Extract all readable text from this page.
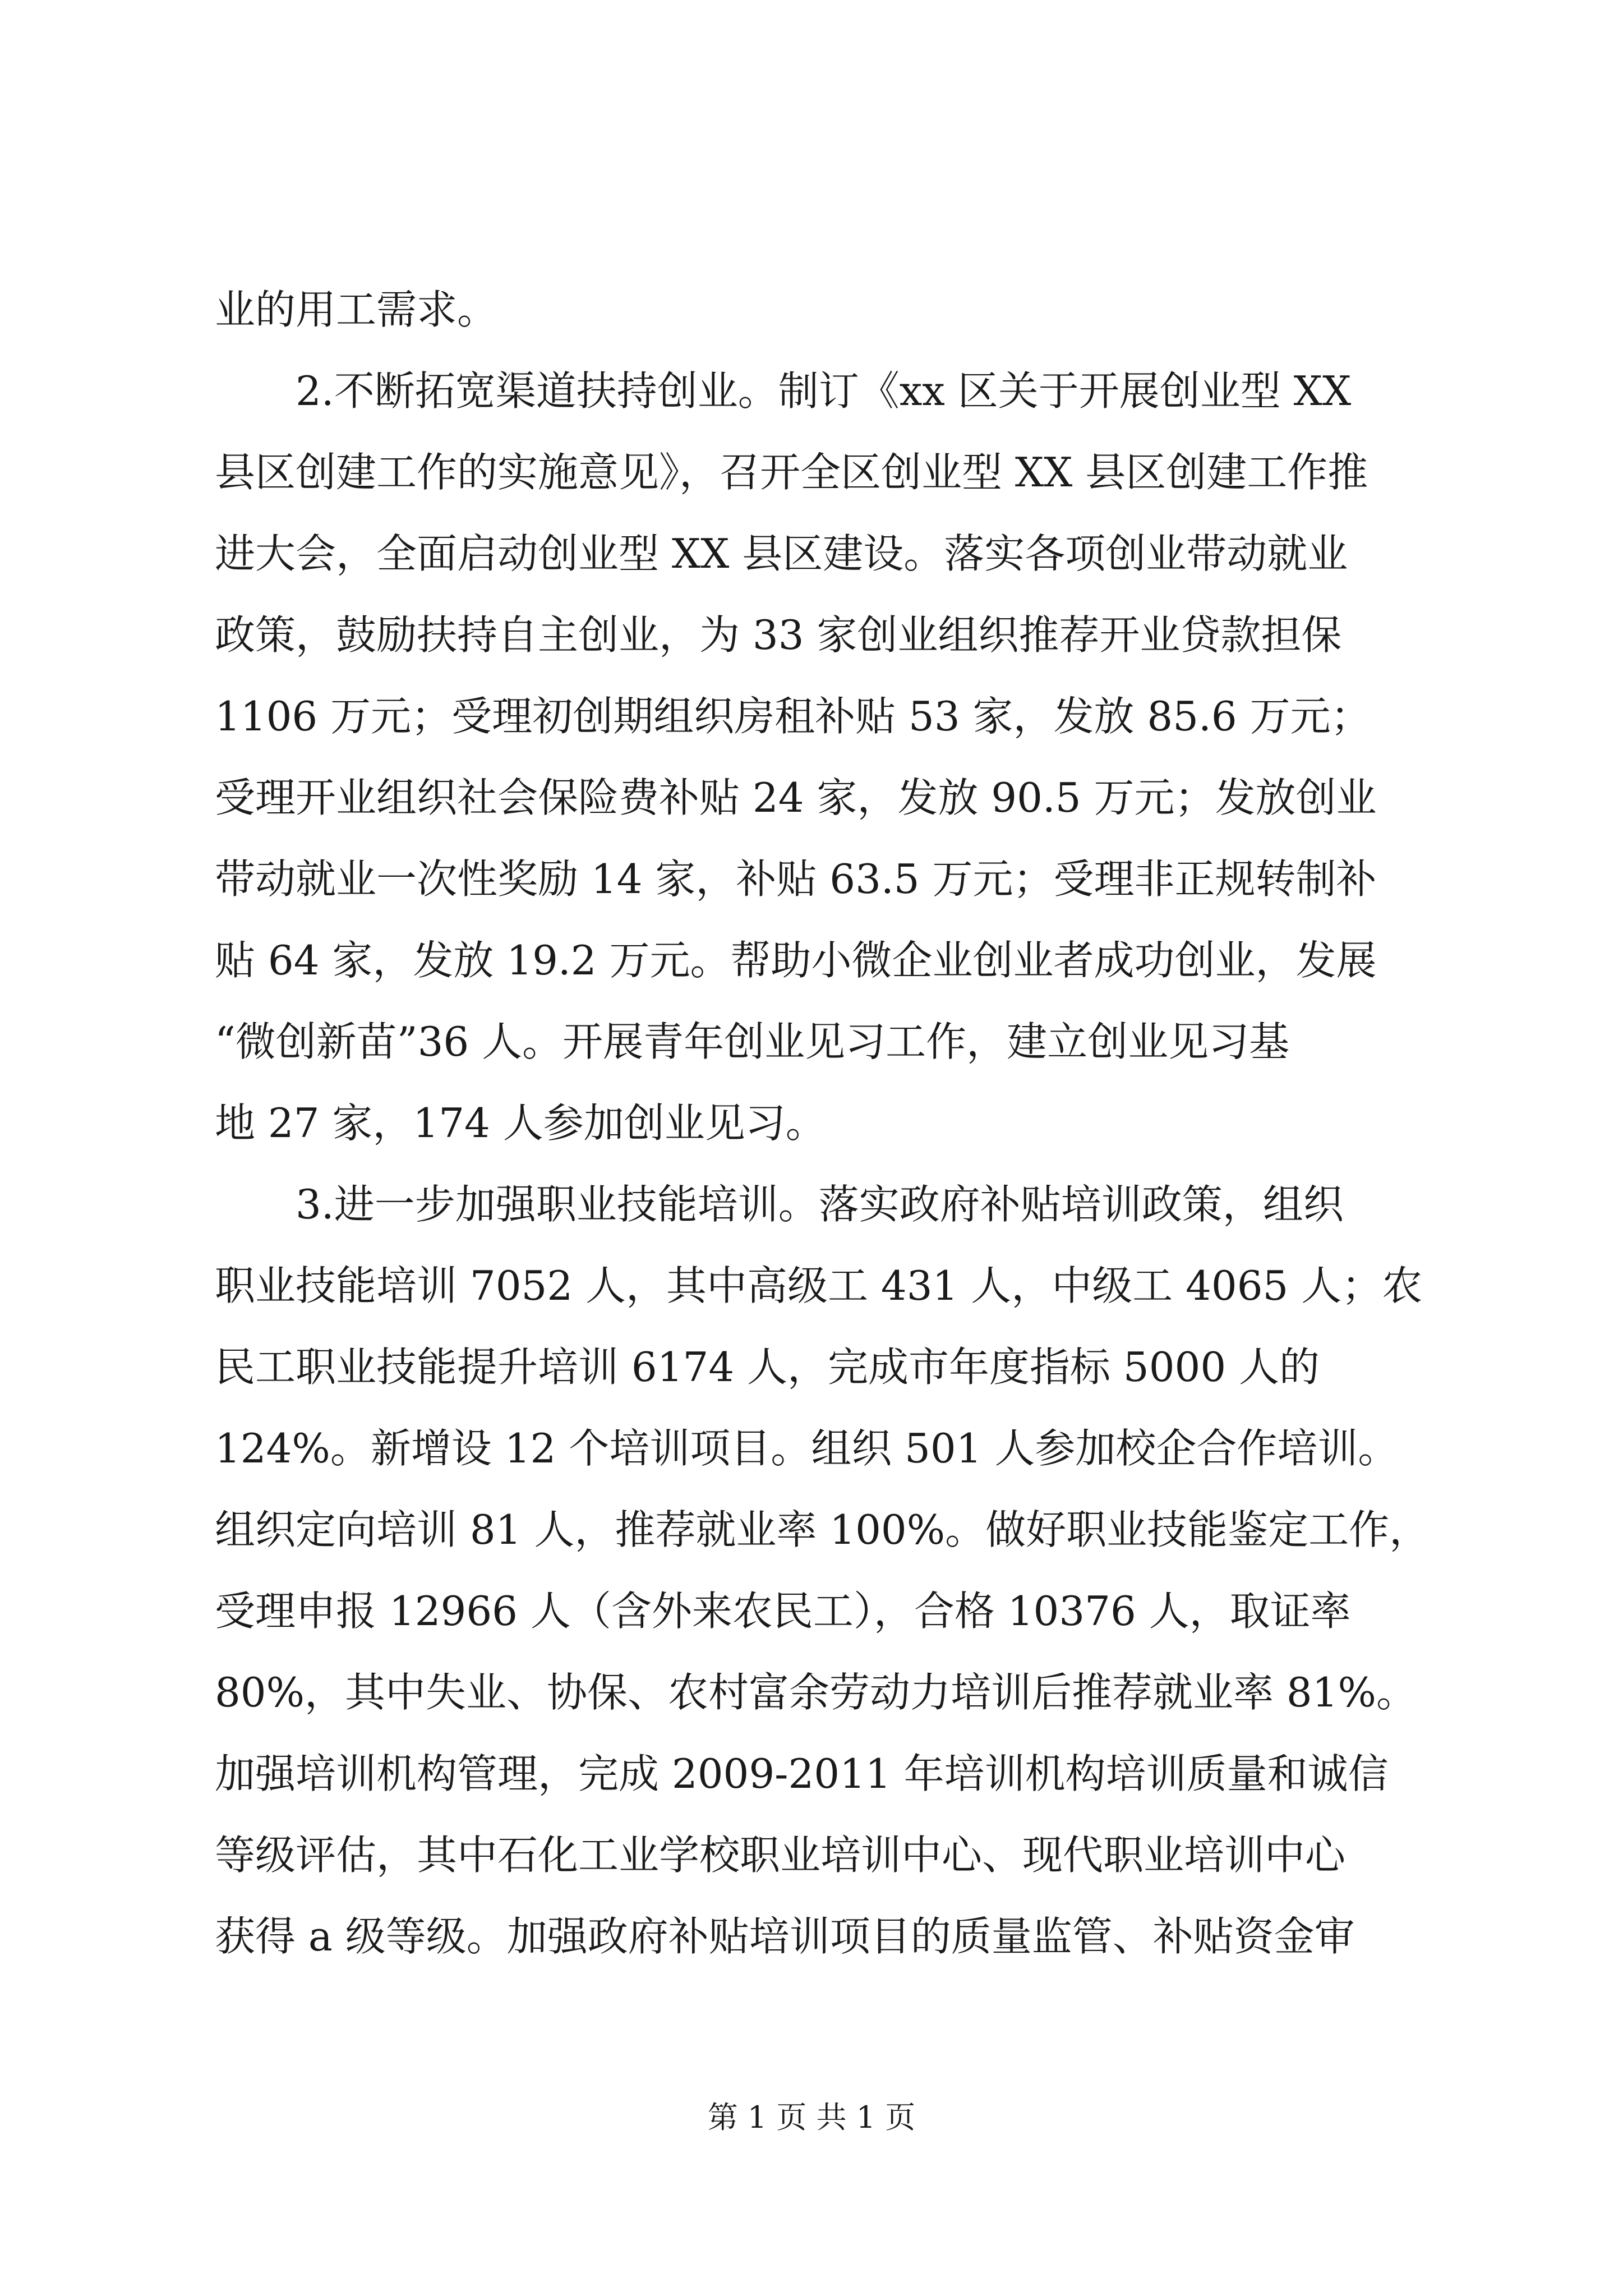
业的用工需求。
2.不断拓宽渠道扶持创业。制订《xx 区关于开展创业型 XX
县区创建工作的实施意见》，召开全区创业型 XX 县区创建工作推
进大会，全面启动创业型 XX 县区建设。落实各项创业带动就业
政策，鼓励扶持自主创业，为 33 家创业组织推荐开业贷款担保
1106 万元；受理初创期组织房租补贴 53 家，发放 85.6 万元；
受理开业组织社会保险费补贴 24 家，发放 90.5 万元；发放创业
带动就业一次性奖励 14 家，补贴 63.5 万元；受理非正规转制补
贴 64 家，发放 19.2 万元。帮助小微企业创业者成功创业，发展
“微创新苗”36 人。开展青年创业见习工作，建立创业见习基
地 27 家，174 人参加创业见习。
3.进一步加强职业技能培训。落实政府补贴培训政策，组织
职业技能培训 7052 人，其中高级工 431 人，中级工 4065 人；农
民工职业技能提升培训 6174 人，完成市年度指标 5000 人的
124%。新增设 12 个培训项目。组织 501 人参加校企合作培训。
组织定向培训 81 人，推荐就业率 100%。做好职业技能鉴定工作，
受理申报 12966 人（含外来农民工），合格 10376 人，取证率
80%，其中失业、协保、农村富余劳动力培训后推荐就业率 81%。
加强培训机构管理，完成 2009-2011 年培训机构培训质量和诚信
等级评估，其中石化工业学校职业培训中心、现代职业培训中心
获得 a 级等级。加强政府补贴培训项目的质量监管、补贴资金审
第 1 页 共 1 页
